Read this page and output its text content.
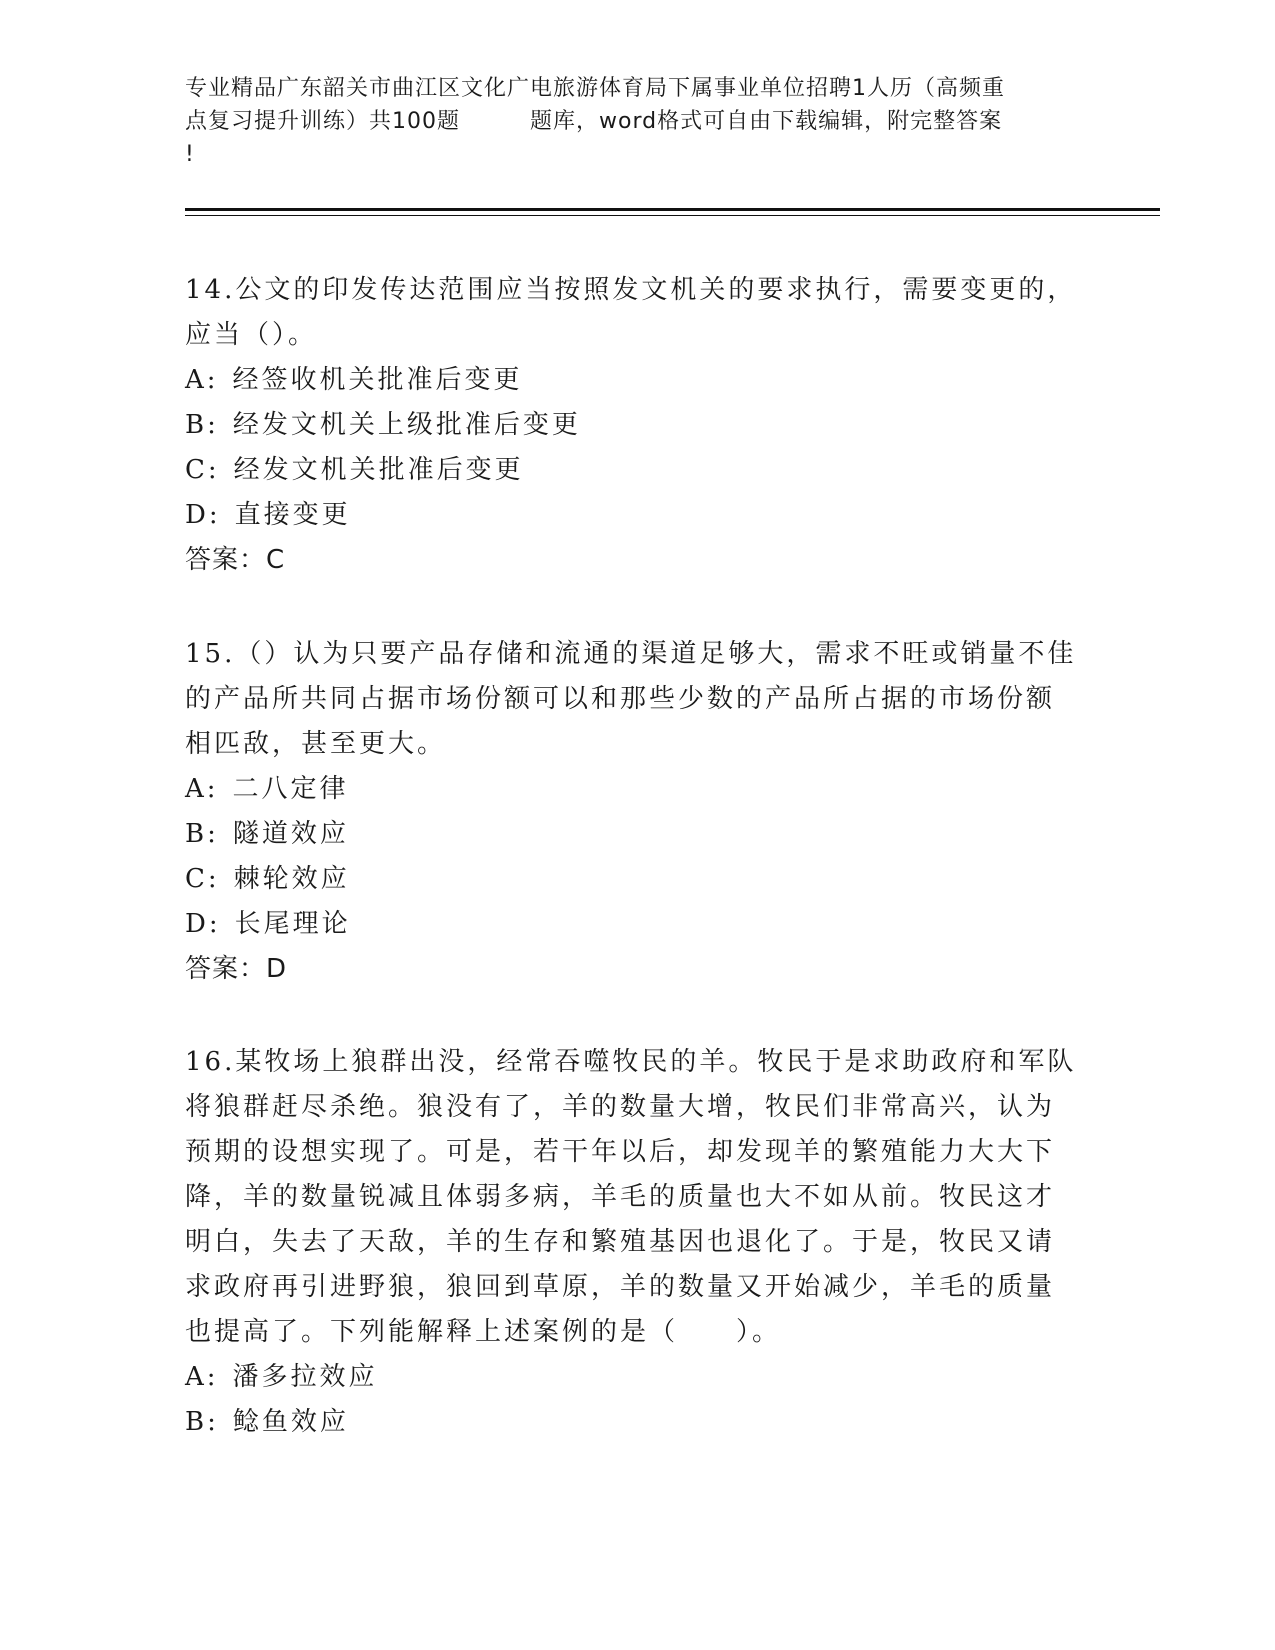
专业精品广东韶关市曲江区文化广电旅游体育局下属事业单位招聘1人历（高频重
点复习提升训练）共100题	题库，word格式可自由下载编辑，附完整答案
!
14.公文的印发传达范围应当按照发文机关的要求执行，需要变更的，
应当（）。
A: 经签收机关批准后变更
B: 经发文机关上级批准后变更
C: 经发文机关批准后变更
D: 直接变更
答案：C
15.（）认为只要产品存储和流通的渠道足够大，需求不旺或销量不佳
的产品所共同占据市场份额可以和那些少数的产品所占据的市场份额
相匹敌，甚至更大。
A: 二八定律
B: 隧道效应
C: 棘轮效应
D: 长尾理论
答案：D
16.某牧场上狼群出没，经常吞噬牧民的羊。牧民于是求助政府和军队
将狼群赶尽杀绝。狼没有了，羊的数量大增，牧民们非常高兴，认为
预期的设想实现了。可是，若干年以后，却发现羊的繁殖能力大大下
降，羊的数量锐减且体弱多病，羊毛的质量也大不如从前。牧民这才
明白，失去了天敌，羊的生存和繁殖基因也退化了。于是，牧民又请
求政府再引进野狼，狼回到草原，羊的数量又开始减少，羊毛的质量
也提高了。下列能解释上述案例的是（　　）。
A: 潘多拉效应
B: 鲶鱼效应
